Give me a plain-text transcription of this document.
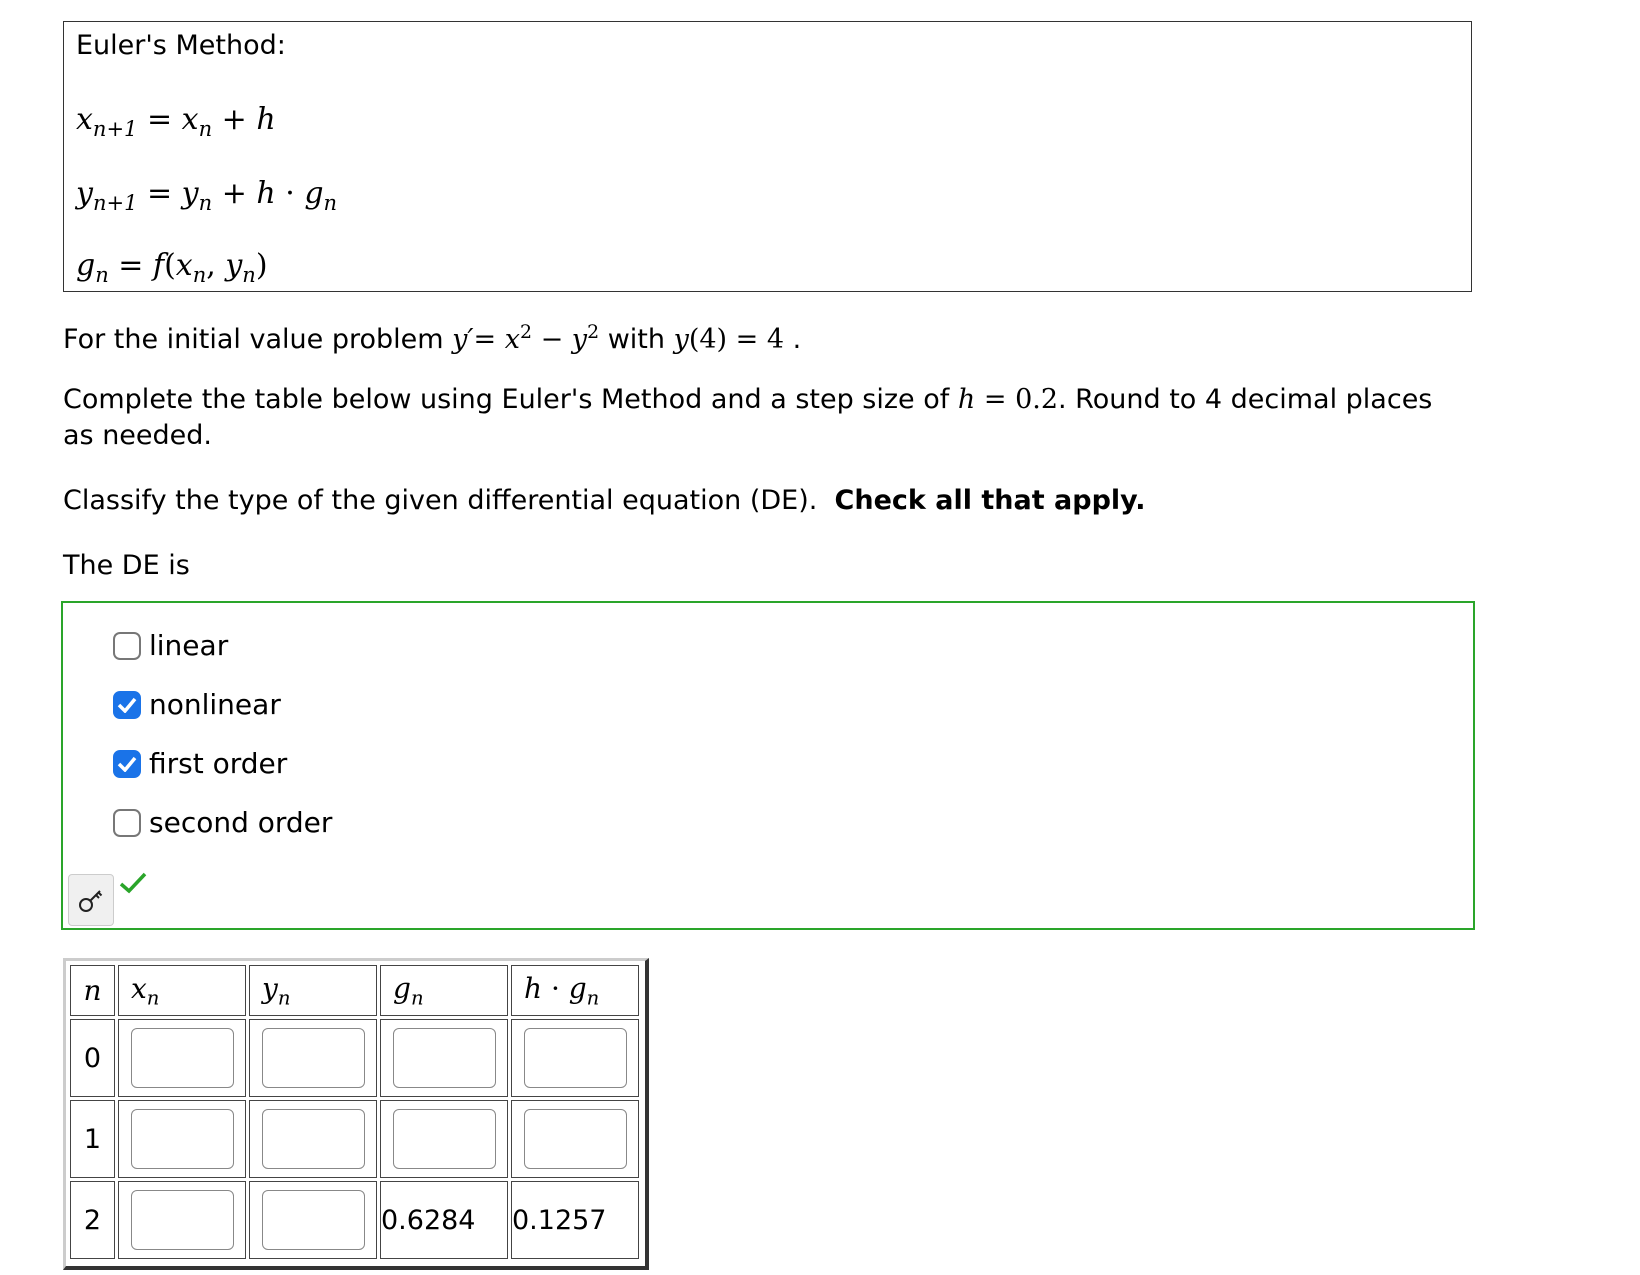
Euler's Method:
$x_{n+1} = x_n + h$
$y_{n+1} = y_n + h \cdot g_n$
$g_n = f(x_n$, $y_n$)
For the initial value problem $y'= x^2 - y^2$ with y(4) = 4 .
Complete the table below using Euler's Method and a step size of h = 0.2. Round to 4 decimal places as needed.
Classify the type of the given differential equation (DE). Check all that apply.
The DE is
linear
nonlinear
first order
second order
n	$x_n$	$y_n$	$g_n$	$h \cdot g_n$
0	

1	

2			0.6284	0.1257
